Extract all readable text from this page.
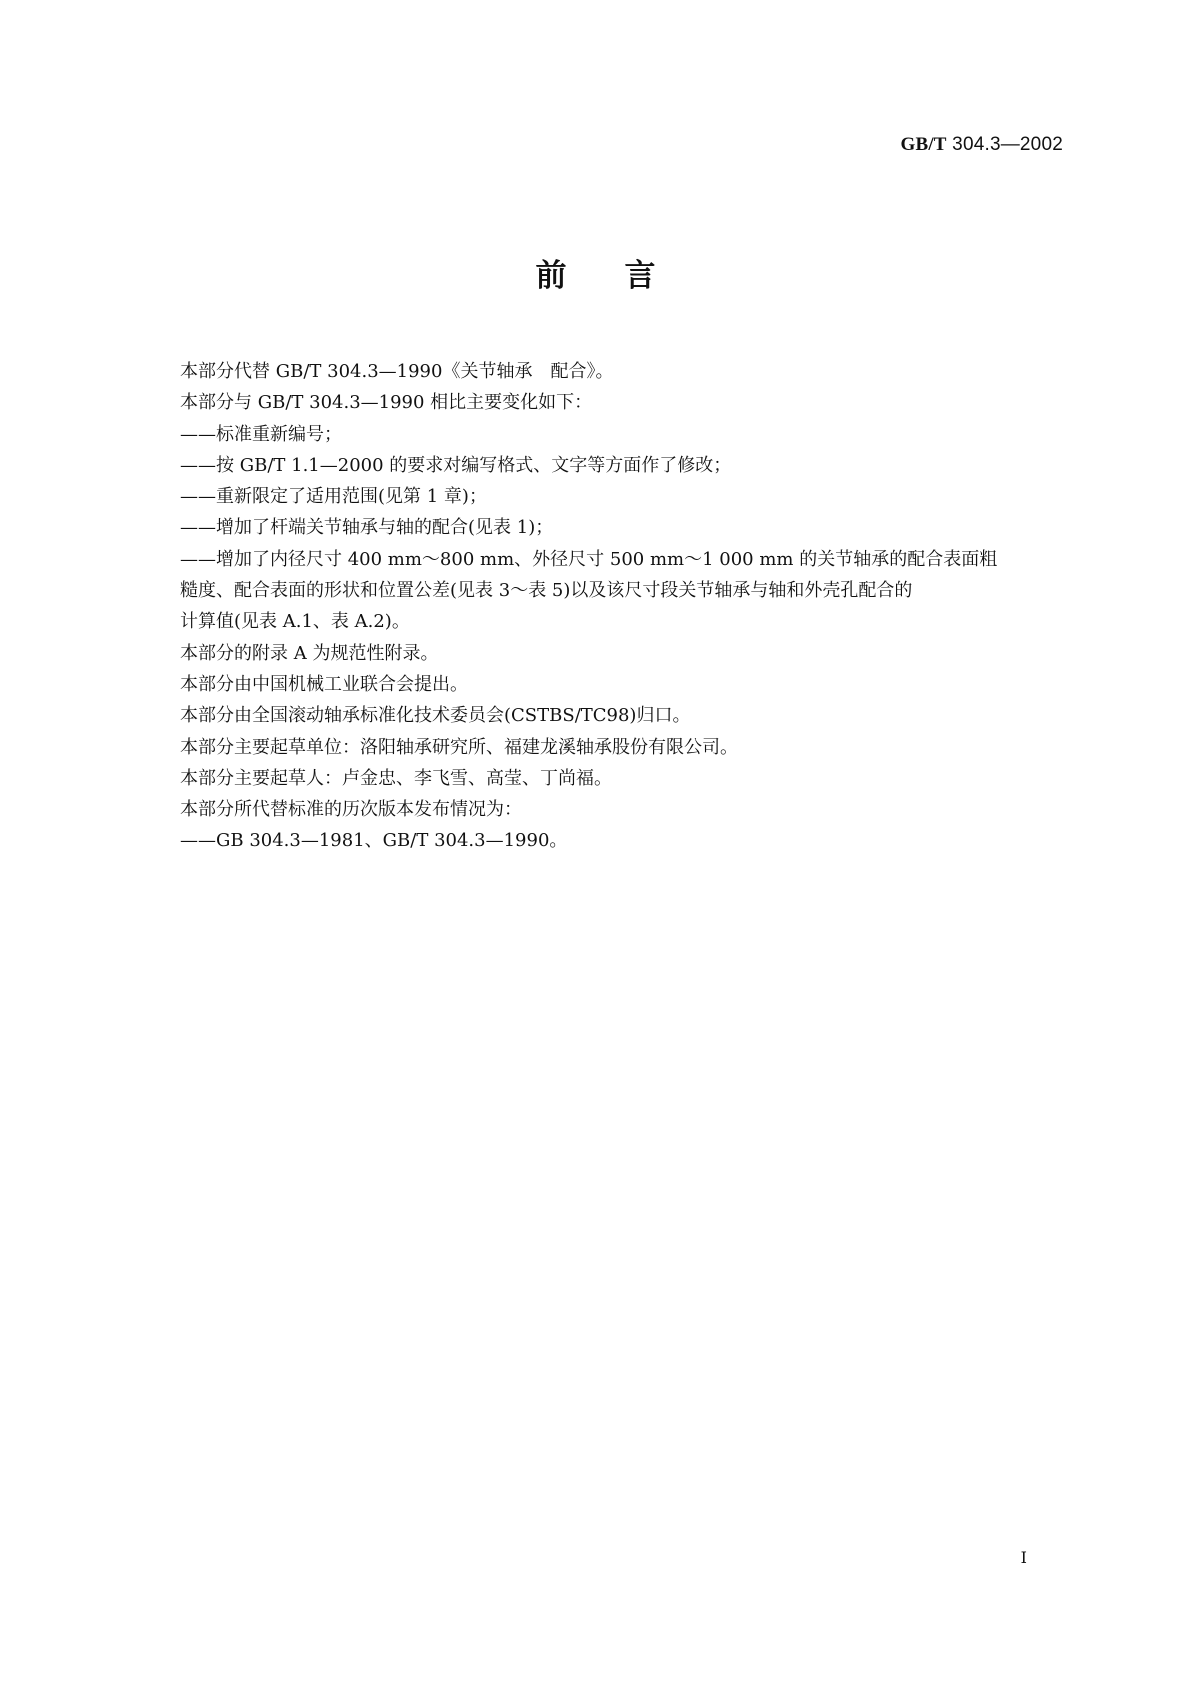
GB/T 304.3—2002
前言

本部分代替 GB/T 304.3—1990《关节轴承　配合》。

本部分与 GB/T 304.3—1990 相比主要变化如下：

——标准重新编号；

——按 GB/T 1.1—2000 的要求对编写格式、文字等方面作了修改；

——重新限定了适用范围(见第 1 章)；

——增加了杆端关节轴承与轴的配合(见表 1)；

——增加了内径尺寸 400 mm～800 mm、外径尺寸 500 mm～1 000 mm 的关节轴承的配合表面粗
糙度、配合表面的形状和位置公差(见表 3～表 5)以及该尺寸段关节轴承与轴和外壳孔配合的
计算值(见表 A.1、表 A.2)。

本部分的附录 A 为规范性附录。

本部分由中国机械工业联合会提出。

本部分由全国滚动轴承标准化技术委员会(CSTBS/TC98)归口。

本部分主要起草单位：洛阳轴承研究所、福建龙溪轴承股份有限公司。

本部分主要起草人：卢金忠、李飞雪、高莹、丁尚福。

本部分所代替标准的历次版本发布情况为：

——GB 304.3—1981、GB/T 304.3—1990。

I
